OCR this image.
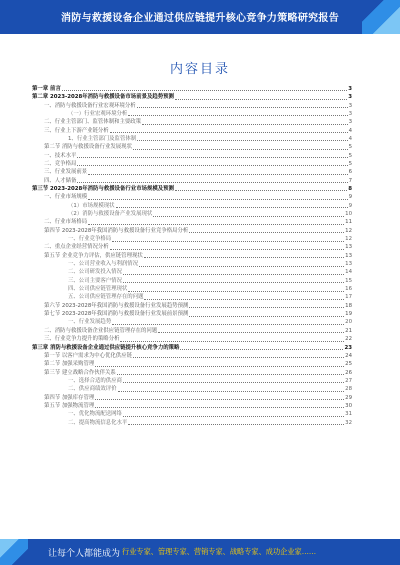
消防与救援设备企业通过供应链提升核心竞争力策略研究报告
内容目录
第一章 前言	3
第二章 2023-2028年消防与救援设备市场前景及趋势预测	3
一、消防与救援设备行业宏观环境分析	3
（一）行业宏观环境分析	3
二、行业主管部门、监管体制和主要政策	3
三、行业上下游产业链分析	4
1、行业主管部门及监管体制	4
第二节 消防与救援设备行业发展现状	5
一、技术水平	5
二、竞争格局	5
三、行业发展前景	6
四、人才储备	7
第三节 2023-2028年消防与救援设备行业市场规模及预测	8
一、行业市场规模	9
（1）市场规模现状	9
（2）消防与救援设备产业发展现状	10
二、行业市场格局	11
第四节 2023-2028年我国消防与救援设备行业竞争格局分析	12
一、行业竞争格局	12
二、重点企业经营情况分析	13
第五节 企业竞争力评估，供应链管理现状	13
一、公司营业收入与利润情况	13
二、公司研发投入情况	14
三、公司主要客户情况	15
四、公司供应链管理现状	16
五、公司供应链管理存在的问题	17
第六节 2023-2028年我国消防与救援设备行业发展趋势预测	18
第七节 2023-2028年我国消防与救援设备行业发展前景预测	19
一、行业发展趋势	20
二、消防与救援设备企业供应链管理存在的问题	21
三、行业竞争力提升的策略分析	22
第三章 消防与救援设备企业通过供应链提升核心竞争力的策略	23
第一节 以客户需求为中心优化供应链	24
第二节 加强采购管理	25
第三节 建立战略合作伙伴关系	26
一、选择合适的供应商	27
二、供应商绩效评价	28
第四节 加强库存管理	29
第五节 加强物流管理	30
一、优化物流配送网络	31
二、提高物流信息化水平	32
让每个人都能成为 行业专家、管理专家、营销专家、战略专家、成功企业家……
